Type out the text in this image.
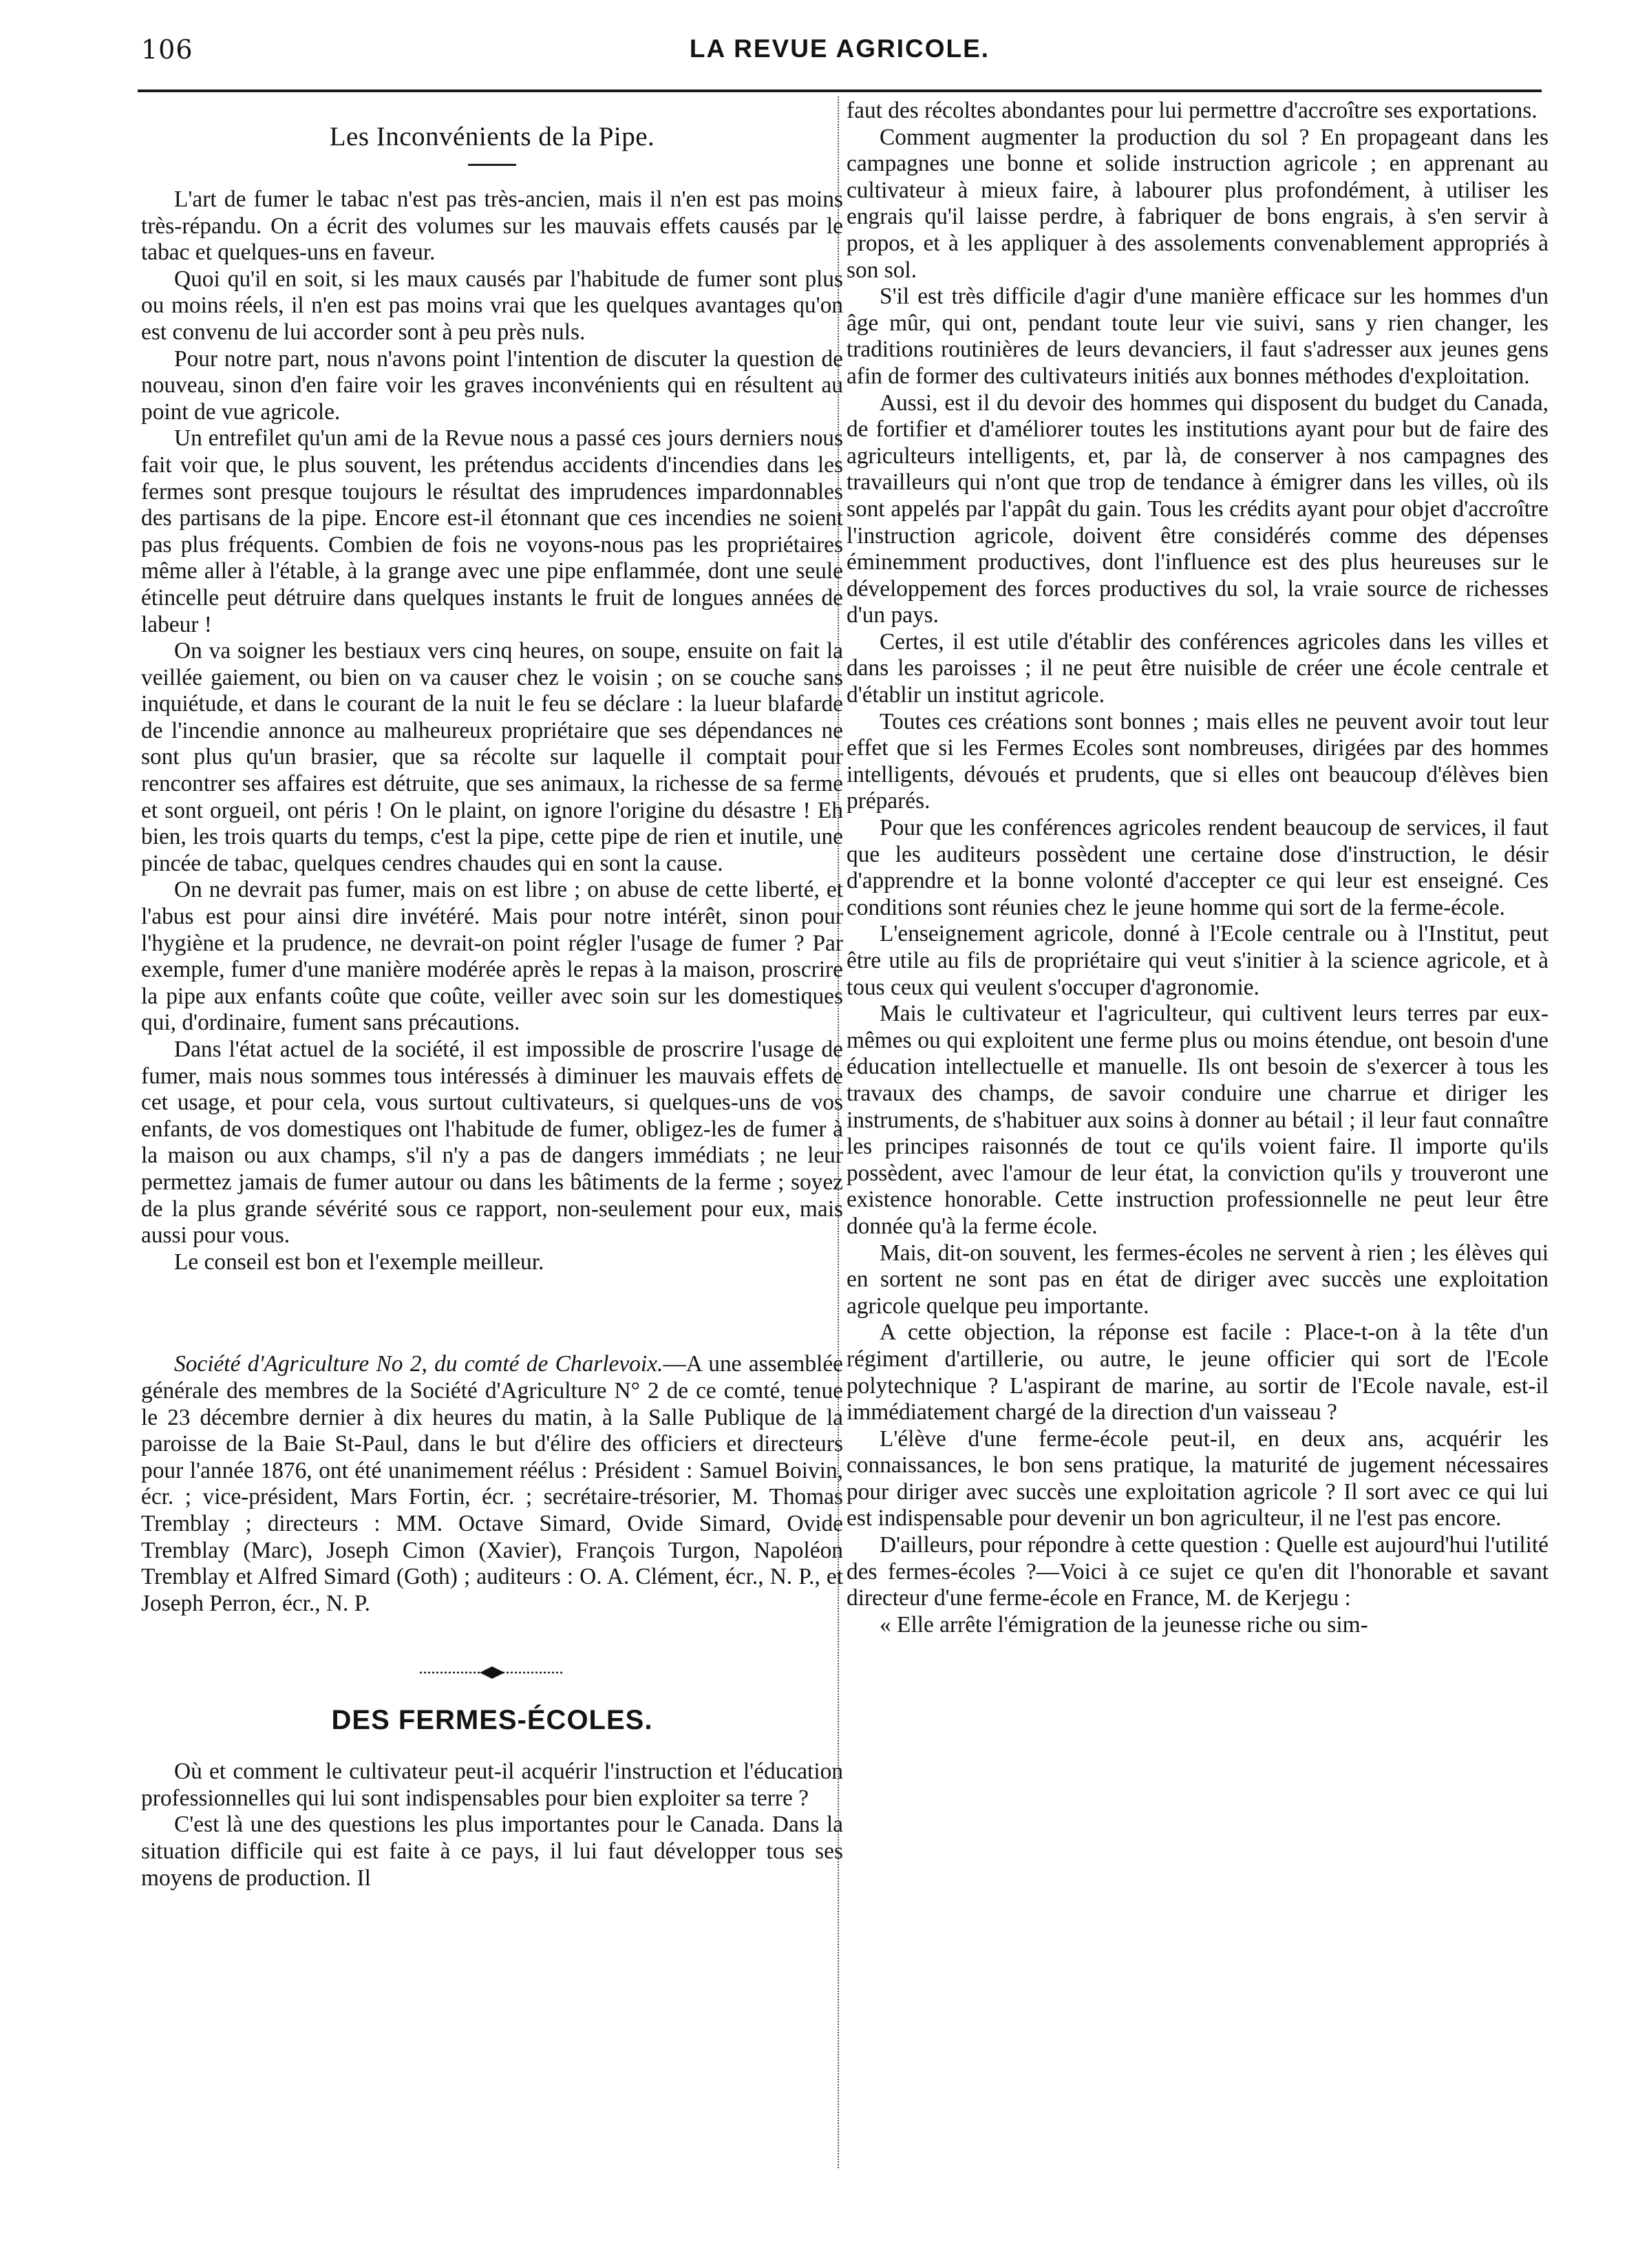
106	LA REVUE AGRICOLE.
Les Inconvénients de la Pipe.

L'art de fumer le tabac n'est pas très-ancien, mais il n'en est pas moins très-répandu. On a écrit des volumes sur les mauvais effets causés par le tabac et quelques-uns en faveur.

Quoi qu'il en soit, si les maux causés par l'habitude de fumer sont plus ou moins réels, il n'en est pas moins vrai que les quelques avantages qu'on est convenu de lui accorder sont à peu près nuls.

Pour notre part, nous n'avons point l'intention de discuter la question de nouveau, sinon d'en faire voir les graves inconvénients qui en résultent au point de vue agricole.

Un entrefilet qu'un ami de la Revue nous a passé ces jours derniers nous fait voir que, le plus souvent, les prétendus accidents d'incendies dans les fermes sont presque toujours le résultat des imprudences impardonnables des partisans de la pipe. Encore est-il étonnant que ces incendies ne soient pas plus fréquents. Combien de fois ne voyons-nous pas les propriétaires même aller à l'étable, à la grange avec une pipe enflammée, dont une seule étincelle peut détruire dans quelques instants le fruit de longues années de labeur !

On va soigner les bestiaux vers cinq heures, on soupe, ensuite on fait la veillée gaiement, ou bien on va causer chez le voisin ; on se couche sans inquiétude, et dans le courant de la nuit le feu se déclare : la lueur blafarde de l'incendie annonce au malheureux propriétaire que ses dépendances ne sont plus qu'un brasier, que sa récolte sur laquelle il comptait pour rencontrer ses affaires est détruite, que ses animaux, la richesse de sa ferme et sont orgueil, ont péris ! On le plaint, on ignore l'origine du désastre ! Eh bien, les trois quarts du temps, c'est la pipe, cette pipe de rien et inutile, une pincée de tabac, quelques cendres chaudes qui en sont la cause.

On ne devrait pas fumer, mais on est libre ; on abuse de cette liberté, et l'abus est pour ainsi dire invétéré. Mais pour notre intérêt, sinon pour l'hygiène et la prudence, ne devrait-on point régler l'usage de fumer ? Par exemple, fumer d'une manière modérée après le repas à la maison, proscrire la pipe aux enfants coûte que coûte, veiller avec soin sur les domestiques qui, d'ordinaire, fument sans précautions.

Dans l'état actuel de la société, il est impossible de proscrire l'usage de fumer, mais nous sommes tous intéressés à diminuer les mauvais effets de cet usage, et pour cela, vous surtout cultivateurs, si quelques-uns de vos enfants, de vos domestiques ont l'habitude de fumer, obligez-les de fumer à la maison ou aux champs, s'il n'y a pas de dangers immédiats ; ne leur permettez jamais de fumer autour ou dans les bâtiments de la ferme ; soyez de la plus grande sévérité sous ce rapport, non-seulement pour eux, mais aussi pour vous.

Le conseil est bon et l'exemple meilleur.

Société d'Agriculture No 2, du comté de Charlevoix.—A une assemblée générale des membres de la Société d'Agriculture N° 2 de ce comté, tenue le 23 décembre dernier à dix heures du matin, à la Salle Publique de la paroisse de la Baie St-Paul, dans le but d'élire des officiers et directeurs pour l'année 1876, ont été unanimement réélus : Président : Samuel Boivin, écr. ; vice-président, Mars Fortin, écr. ; secrétaire-trésorier, M. Thomas Tremblay ; directeurs : MM. Octave Simard, Ovide Simard, Ovide Tremblay (Marc), Joseph Cimon (Xavier), François Turgon, Napoléon Tremblay et Alfred Simard (Goth) ; auditeurs : O. A. Clément, écr., N. P., et Joseph Perron, écr., N. P.

DES FERMES-ÉCOLES.

Où et comment le cultivateur peut-il acquérir l'instruction et l'éducation professionnelles qui lui sont indispensables pour bien exploiter sa terre ?

C'est là une des questions les plus importantes pour le Canada. Dans la situation difficile qui est faite à ce pays, il lui faut développer tous ses moyens de production. Il

faut des récoltes abondantes pour lui permettre d'accroître ses exportations.

Comment augmenter la production du sol ? En propageant dans les campagnes une bonne et solide instruction agricole ; en apprenant au cultivateur à mieux faire, à labourer plus profondément, à utiliser les engrais qu'il laisse perdre, à fabriquer de bons engrais, à s'en servir à propos, et à les appliquer à des assolements convenablement appropriés à son sol.

S'il est très difficile d'agir d'une manière efficace sur les hommes d'un âge mûr, qui ont, pendant toute leur vie suivi, sans y rien changer, les traditions routinières de leurs devanciers, il faut s'adresser aux jeunes gens afin de former des cultivateurs initiés aux bonnes méthodes d'exploitation.

Aussi, est il du devoir des hommes qui disposent du budget du Canada, de fortifier et d'améliorer toutes les institutions ayant pour but de faire des agriculteurs intelligents, et, par là, de conserver à nos campagnes des travailleurs qui n'ont que trop de tendance à émigrer dans les villes, où ils sont appelés par l'appât du gain. Tous les crédits ayant pour objet d'accroître l'instruction agricole, doivent être considérés comme des dépenses éminemment productives, dont l'influence est des plus heureuses sur le développement des forces productives du sol, la vraie source de richesses d'un pays.

Certes, il est utile d'établir des conférences agricoles dans les villes et dans les paroisses ; il ne peut être nuisible de créer une école centrale et d'établir un institut agricole.

Toutes ces créations sont bonnes ; mais elles ne peuvent avoir tout leur effet que si les Fermes Ecoles sont nombreuses, dirigées par des hommes intelligents, dévoués et prudents, que si elles ont beaucoup d'élèves bien préparés.

Pour que les conférences agricoles rendent beaucoup de services, il faut que les auditeurs possèdent une certaine dose d'instruction, le désir d'apprendre et la bonne volonté d'accepter ce qui leur est enseigné. Ces conditions sont réunies chez le jeune homme qui sort de la ferme-école.

L'enseignement agricole, donné à l'Ecole centrale ou à l'Institut, peut être utile au fils de propriétaire qui veut s'initier à la science agricole, et à tous ceux qui veulent s'occuper d'agronomie.

Mais le cultivateur et l'agriculteur, qui cultivent leurs terres par eux-mêmes ou qui exploitent une ferme plus ou moins étendue, ont besoin d'une éducation intellectuelle et manuelle. Ils ont besoin de s'exercer à tous les travaux des champs, de savoir conduire une charrue et diriger les instruments, de s'habituer aux soins à donner au bétail ; il leur faut connaître les principes raisonnés de tout ce qu'ils voient faire. Il importe qu'ils possèdent, avec l'amour de leur état, la conviction qu'ils y trouveront une existence honorable. Cette instruction professionnelle ne peut leur être donnée qu'à la ferme école.

Mais, dit-on souvent, les fermes-écoles ne servent à rien ; les élèves qui en sortent ne sont pas en état de diriger avec succès une exploitation agricole quelque peu importante.

A cette objection, la réponse est facile : Place-t-on à la tête d'un régiment d'artillerie, ou autre, le jeune officier qui sort de l'Ecole polytechnique ? L'aspirant de marine, au sortir de l'Ecole navale, est-il immédiatement chargé de la direction d'un vaisseau ?

L'élève d'une ferme-école peut-il, en deux ans, acquérir les connaissances, le bon sens pratique, la maturité de jugement nécessaires pour diriger avec succès une exploitation agricole ? Il sort avec ce qui lui est indispensable pour devenir un bon agriculteur, il ne l'est pas encore.

D'ailleurs, pour répondre à cette question : Quelle est aujourd'hui l'utilité des fermes-écoles ?—Voici à ce sujet ce qu'en dit l'honorable et savant directeur d'une ferme-école en France, M. de Kerjegu :

« Elle arrête l'émigration de la jeunesse riche ou sim-
